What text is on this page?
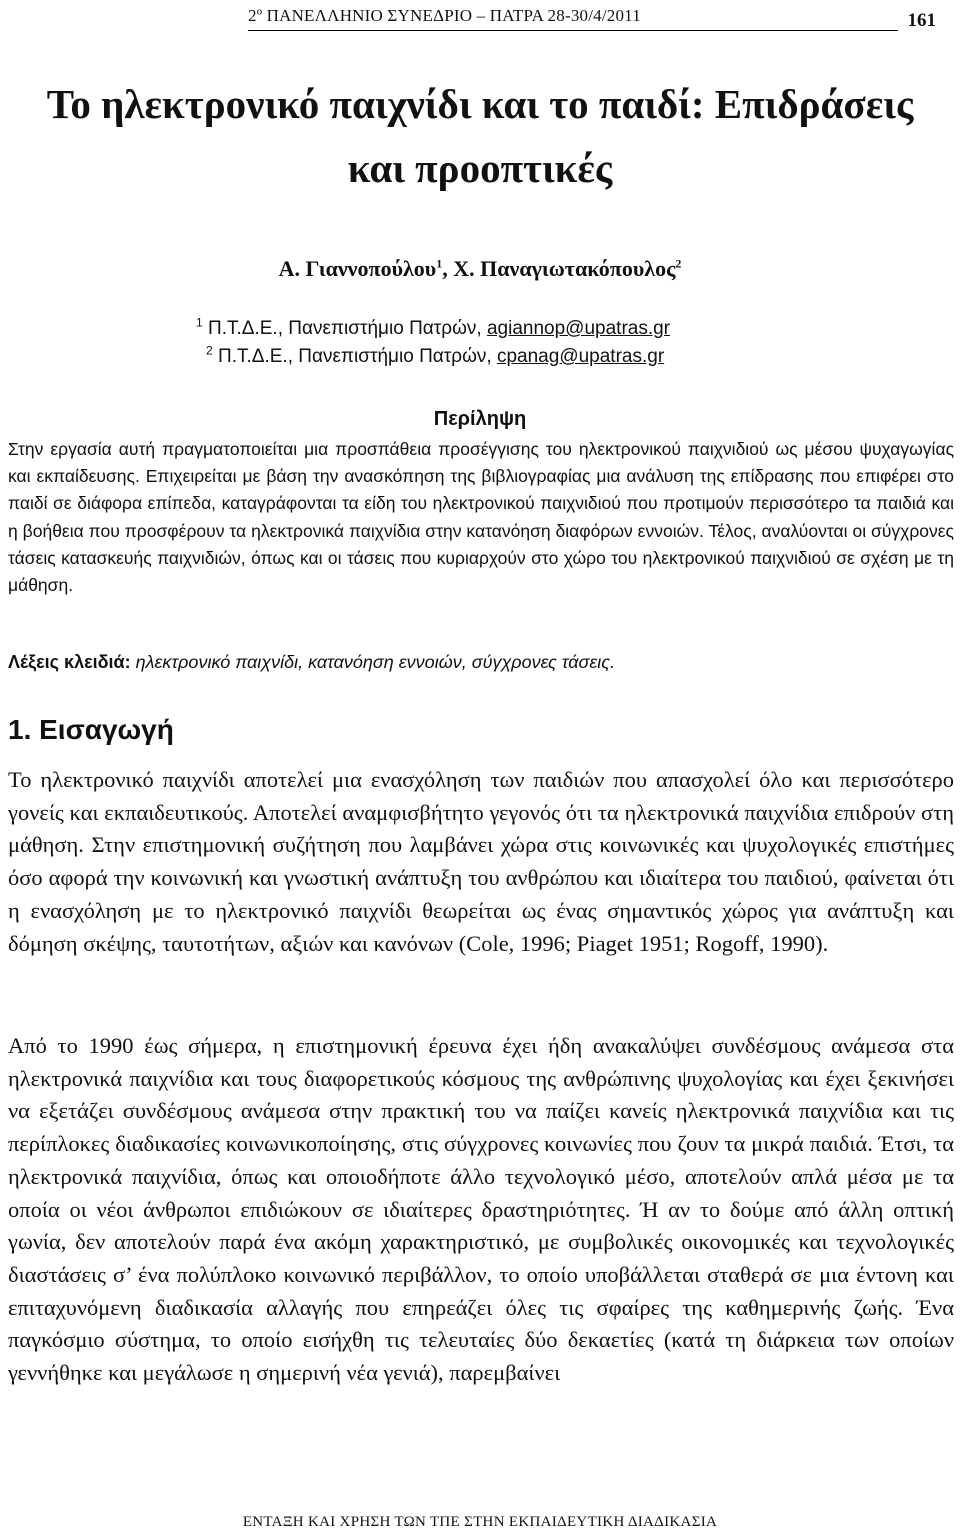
2º ΠΑΝΕΛΛΗΝΙΟ ΣΥΝΕΔΡΙΟ – ΠΑΤΡΑ 28-30/4/2011	161
Το ηλεκτρονικό παιχνίδι και το παιδί: Επιδράσεις
και προοπτικές
Α. Γιαννοπούλου$^1$, Χ. Παναγιωτακόπουλος$^2$
$^1$ Π.Τ.Δ.Ε., Πανεπιστήμιο Πατρών, agiannop@upatras.gr
$^2$ Π.Τ.Δ.Ε., Πανεπιστήμιο Πατρών, cpanag@upatras.gr
Περίληψη

Στην εργασία αυτή πραγματοποιείται μια προσπάθεια προσέγγισης του ηλεκτρονικού παιχνιδιού ως μέσου ψυχαγωγίας και εκπαίδευσης. Επιχειρείται με βάση την ανασκόπηση της βιβλιογραφίας μια ανάλυση της επίδρασης που επιφέρει στο παιδί σε διάφορα επίπεδα, καταγράφονται τα είδη του ηλεκτρονικού παιχνιδιού που προτιμούν περισσότερο τα παιδιά και η βοήθεια που προσφέρουν τα ηλεκτρονικά παιχνίδια στην κατανόηση διαφόρων εννοιών. Τέλος, αναλύονται οι σύγχρονες τάσεις κατασκευής παιχνιδιών, όπως και οι τάσεις που κυριαρχούν στο χώρο του ηλεκτρονικού παιχνιδιού σε σχέση με τη μάθηση.

Λέξεις κλειδιά: ηλεκτρονικό παιχνίδι, κατανόηση εννοιών, σύγχρονες τάσεις.
1. Εισαγωγή

Το ηλεκτρονικό παιχνίδι αποτελεί μια ενασχόληση των παιδιών που απασχολεί όλο και περισσότερο γονείς και εκπαιδευτικούς. Αποτελεί αναμφισβήτητο γεγονός ότι τα ηλεκτρονικά παιχνίδια επιδρούν στη μάθηση. Στην επιστημονική συζήτηση που λαμβάνει χώρα στις κοινωνικές και ψυχολογικές επιστήμες όσο αφορά την κοινωνική και γνωστική ανάπτυξη του ανθρώπου και ιδιαίτερα του παιδιού, φαίνεται ότι η ενασχόληση με το ηλεκτρονικό παιχνίδι θεωρείται ως ένας σημαντικός χώρος για ανάπτυξη και δόμηση σκέψης, ταυτοτήτων, αξιών και κανόνων (Cole, 1996; Piaget 1951; Rogoff, 1990).

Από το 1990 έως σήμερα, η επιστημονική έρευνα έχει ήδη ανακαλύψει συνδέσμους ανάμεσα στα ηλεκτρονικά παιχνίδια και τους διαφορετικούς κόσμους της ανθρώπινης ψυχολογίας και έχει ξεκινήσει να εξετάζει συνδέσμους ανάμεσα στην πρακτική του να παίζει κανείς ηλεκτρονικά παιχνίδια και τις περίπλοκες διαδικασίες κοινωνικοποίησης, στις σύγχρονες κοινωνίες που ζουν τα μικρά παιδιά. Έτσι, τα ηλεκτρονικά παιχνίδια, όπως και οποιοδήποτε άλλο τεχνολογικό μέσο, αποτελούν απλά μέσα με τα οποία οι νέοι άνθρωποι επιδιώκουν σε ιδιαίτερες δραστηριότητες. Ή αν το δούμε από άλλη οπτική γωνία, δεν αποτελούν παρά ένα ακόμη χαρακτηριστικό, με συμβολικές οικονομικές και τεχνολογικές διαστάσεις σ’ ένα πολύπλοκο κοινωνικό περιβάλλον, το οποίο υποβάλλεται σταθερά σε μια έντονη και επιταχυνόμενη διαδικασία αλλαγής που επηρεάζει όλες τις σφαίρες της καθημερινής ζωής. Ένα παγκόσμιο σύστημα, το οποίο εισήχθη τις τελευταίες δύο δεκαετίες (κατά τη διάρκεια των οποίων γεννήθηκε και μεγάλωσε η σημερινή νέα γενιά), παρεμβαίνει

ΕΝΤΑΞΗ ΚΑΙ ΧΡΗΣΗ ΤΩΝ ΤΠΕ ΣΤΗΝ ΕΚΠΑΙΔΕΥΤΙΚΗ ΔΙΑΔΙΚΑΣΙΑ
